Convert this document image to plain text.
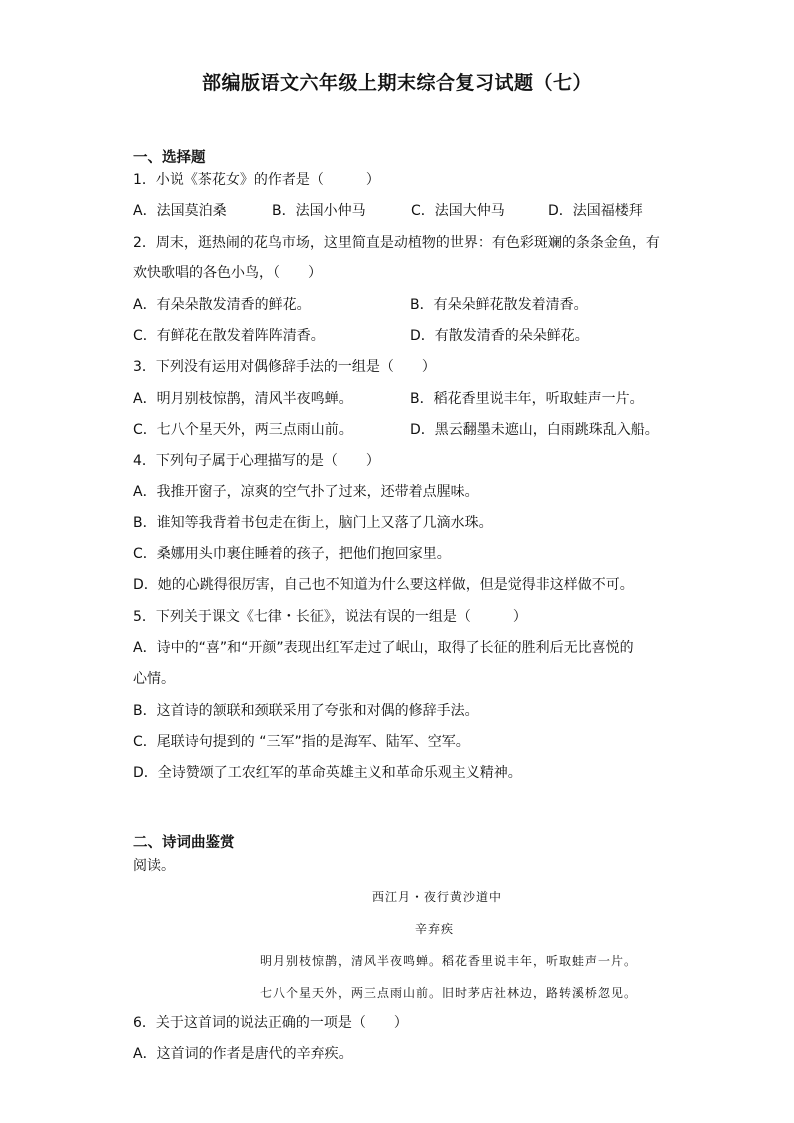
部编版语文六年级上期末综合复习试题（七）
一、选择题
1．小说《茶花女》的作者是（　　　）
A．法国莫泊桑	B．法国小仲马	C．法国大仲马	D．法国福楼拜
2．周末，逛热闹的花鸟市场，这里简直是动植物的世界：有色彩斑斓的条条金鱼，有
欢快歌唱的各色小鸟，（　　）
A．有朵朵散发清香的鲜花。	B．有朵朵鲜花散发着清香。
C．有鲜花在散发着阵阵清香。	D．有散发清香的朵朵鲜花。
3．下列没有运用对偶修辞手法的一组是（　　）
A．明月别枝惊鹊，清风半夜鸣蝉。	B．稻花香里说丰年，听取蛙声一片。
C．七八个星天外，两三点雨山前。	D．黑云翻墨未遮山，白雨跳珠乱入船。
4．下列句子属于心理描写的是（　　）
A．我推开窗子，凉爽的空气扑了过来，还带着点腥味。
B．谁知等我背着书包走在街上，脑门上又落了几滴水珠。
C．桑娜用头巾裹住睡着的孩子，把他们抱回家里。
D．她的心跳得很厉害，自己也不知道为什么要这样做，但是觉得非这样做不可。
5．下列关于课文《七律・长征》，说法有误的一组是（　　　）
A．诗中的“喜”和“开颜”表现出红军走过了岷山，取得了长征的胜利后无比喜悦的
心情。
B．这首诗的颔联和颈联采用了夸张和对偶的修辞手法。
C．尾联诗句提到的 “三军”指的是海军、陆军、空军。
D．全诗赞颂了工农红军的革命英雄主义和革命乐观主义精神。
二、诗词曲鉴赏
阅读。
西江月・夜行黄沙道中
辛弃疾
明月别枝惊鹊，清风半夜鸣蝉。稻花香里说丰年，听取蛙声一片。
七八个星天外，两三点雨山前。旧时茅店社林边，路转溪桥忽见。
6．关于这首词的说法正确的一项是（　　）
A．这首词的作者是唐代的辛弃疾。
